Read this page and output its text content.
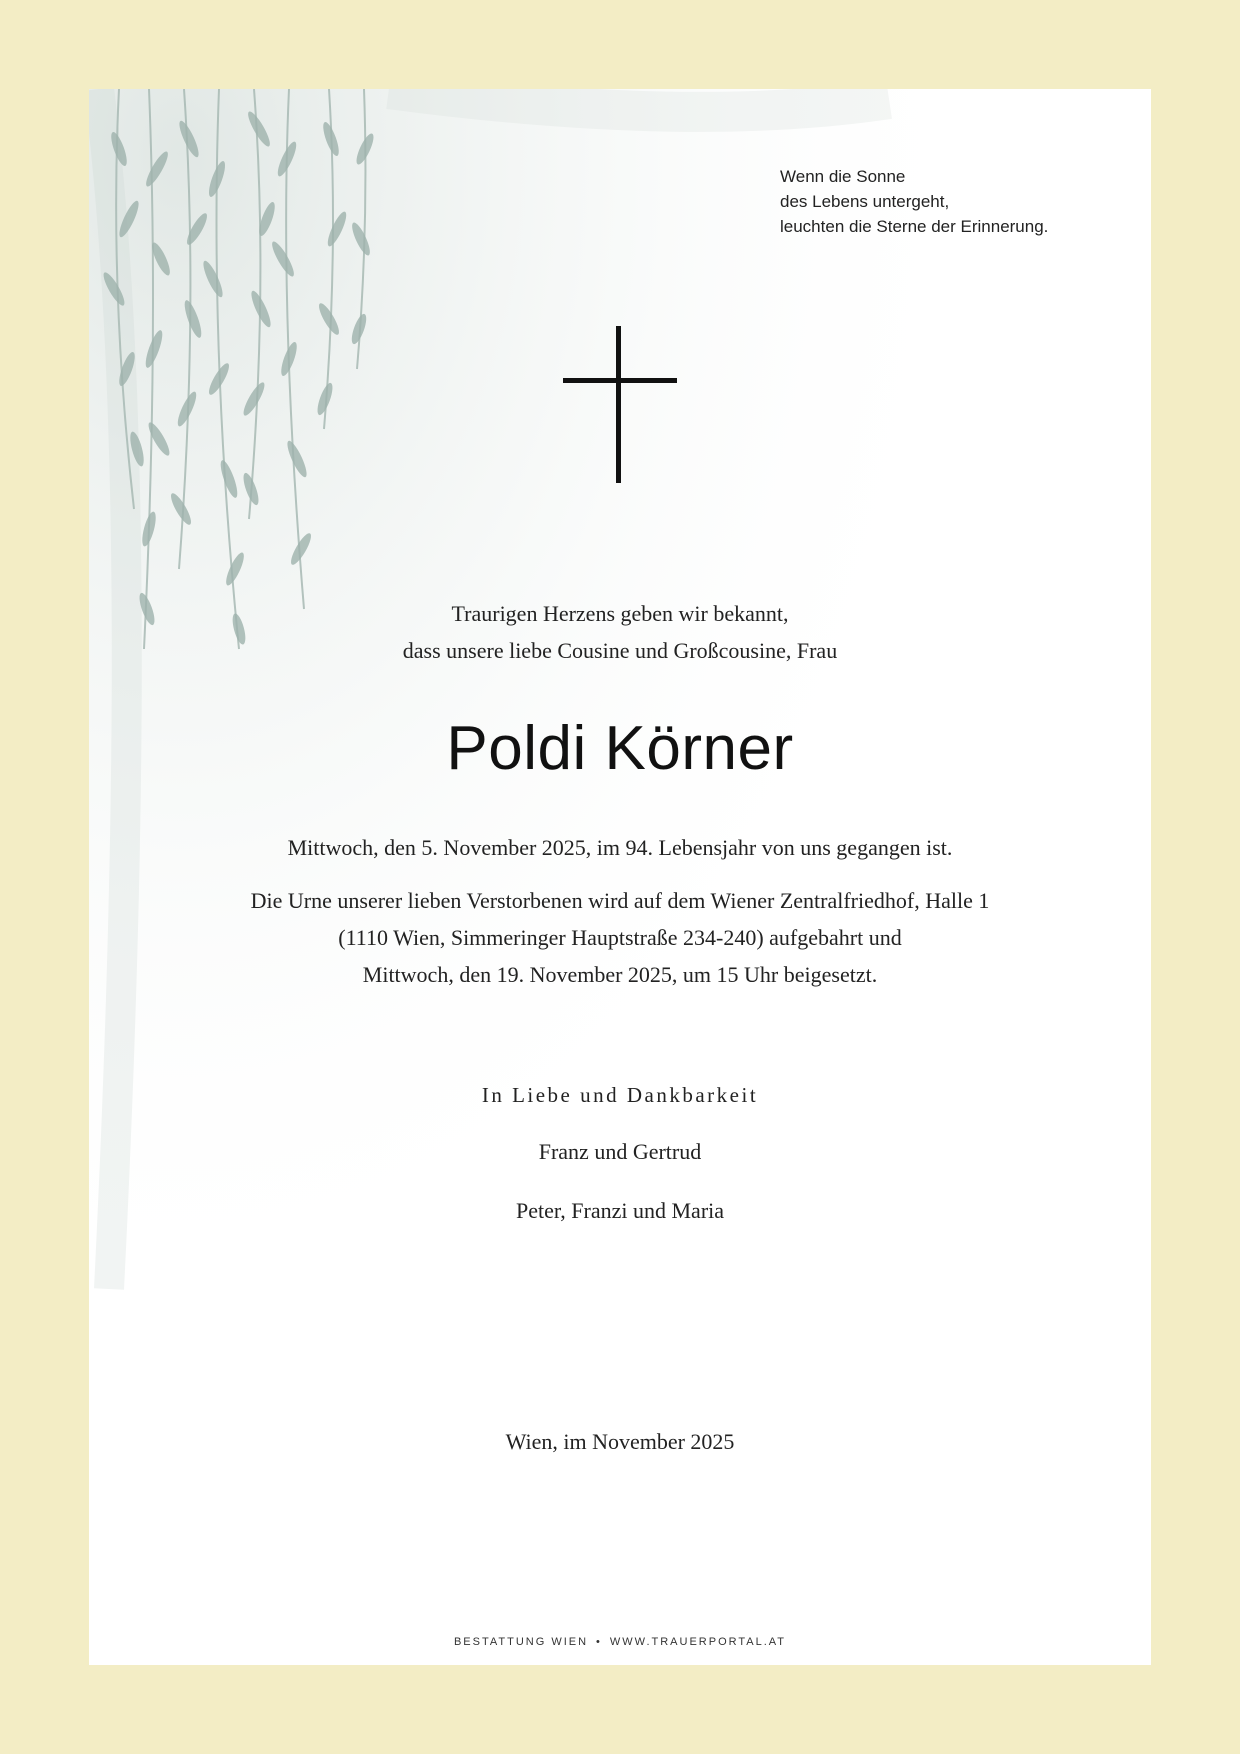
Wenn die Sonne
des Lebens untergeht,
leuchten die Sterne der Erinnerung.
Traurigen Herzens geben wir bekannt,
dass unsere liebe Cousine und Großcousine, Frau
Poldi Körner
Mittwoch, den 5. November 2025, im 94. Lebensjahr von uns gegangen ist.
Die Urne unserer lieben Verstorbenen wird auf dem Wiener Zentralfriedhof, Halle 1
(1110 Wien, Simmeringer Hauptstraße 234-240) aufgebahrt und
Mittwoch, den 19. November 2025, um 15 Uhr beigesetzt.
In Liebe und Dankbarkeit
Franz und Gertrud
Peter, Franzi und Maria
Wien, im November 2025
BESTATTUNG WIEN • WWW.TRAUERPORTAL.AT
